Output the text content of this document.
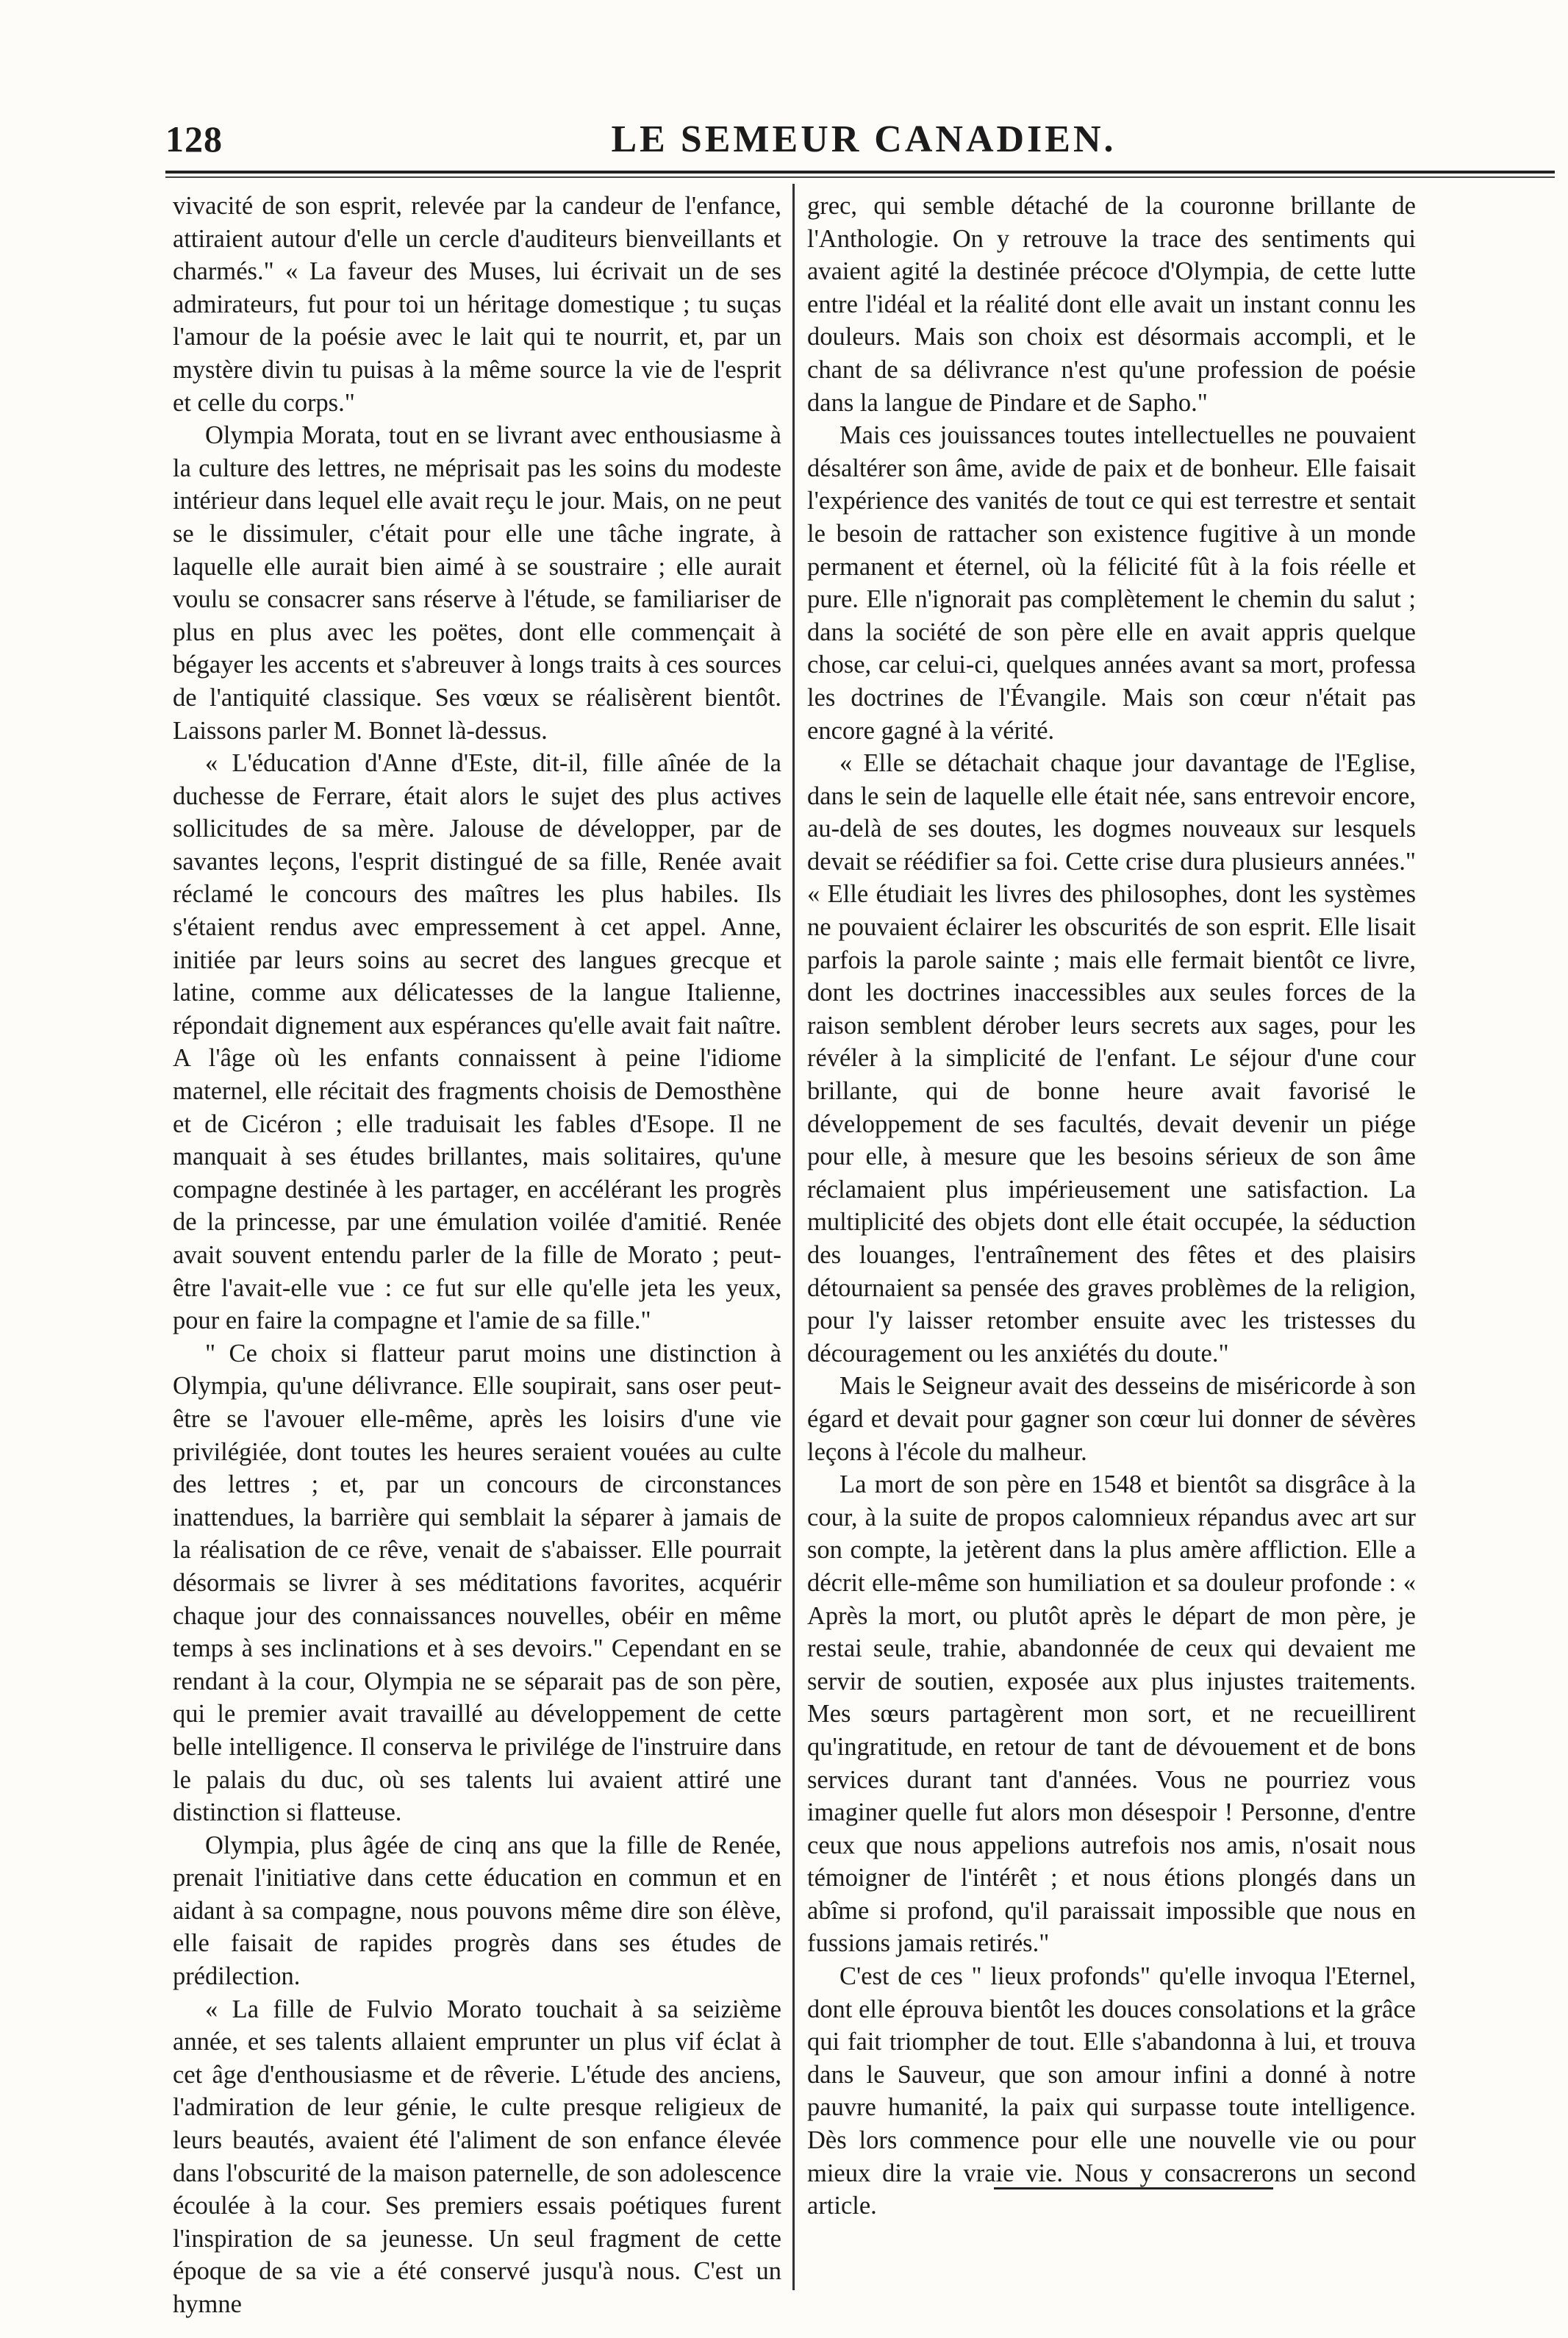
128	LE SEMEUR CANADIEN.

vivacité de son esprit, relevée par la candeur de l'enfance, attiraient autour d'elle un cercle d'auditeurs bienveillants et charmés." « La faveur des Muses, lui écrivait un de ses admirateurs, fut pour toi un héritage domestique ; tu suças l'amour de la poésie avec le lait qui te nourrit, et, par un mystère divin tu puisas à la même source la vie de l'esprit et celle du corps."

Olympia Morata, tout en se livrant avec enthousiasme à la culture des lettres, ne méprisait pas les soins du modeste intérieur dans lequel elle avait reçu le jour. Mais, on ne peut se le dissimuler, c'était pour elle une tâche ingrate, à laquelle elle aurait bien aimé à se soustraire ; elle aurait voulu se consacrer sans réserve à l'étude, se familiariser de plus en plus avec les poëtes, dont elle commençait à bégayer les accents et s'abreuver à longs traits à ces sources de l'antiquité classique. Ses vœux se réalisèrent bientôt. Laissons parler M. Bonnet là-dessus.

« L'éducation d'Anne d'Este, dit-il, fille aînée de la duchesse de Ferrare, était alors le sujet des plus actives sollicitudes de sa mère. Jalouse de développer, par de savantes leçons, l'esprit distingué de sa fille, Renée avait réclamé le concours des maîtres les plus habiles. Ils s'étaient rendus avec empressement à cet appel. Anne, initiée par leurs soins au secret des langues grecque et latine, comme aux délicatesses de la langue Italienne, répondait dignement aux espérances qu'elle avait fait naître. A l'âge où les enfants connaissent à peine l'idiome maternel, elle récitait des fragments choisis de Demosthène et de Cicéron ; elle traduisait les fables d'Esope. Il ne manquait à ses études brillantes, mais solitaires, qu'une compagne destinée à les partager, en accélérant les progrès de la princesse, par une émulation voilée d'amitié. Renée avait souvent entendu parler de la fille de Morato ; peut-être l'avait-elle vue : ce fut sur elle qu'elle jeta les yeux, pour en faire la compagne et l'amie de sa fille."

" Ce choix si flatteur parut moins une distinction à Olympia, qu'une délivrance. Elle soupirait, sans oser peut-être se l'avouer elle-même, après les loisirs d'une vie privilégiée, dont toutes les heures seraient vouées au culte des lettres ; et, par un concours de circonstances inattendues, la barrière qui semblait la séparer à jamais de la réalisation de ce rêve, venait de s'abaisser. Elle pourrait désormais se livrer à ses méditations favorites, acquérir chaque jour des connaissances nouvelles, obéir en même temps à ses inclinations et à ses devoirs." Cependant en se rendant à la cour, Olympia ne se séparait pas de son père, qui le premier avait travaillé au développement de cette belle intelligence. Il conserva le privilége de l'instruire dans le palais du duc, où ses talents lui avaient attiré une distinction si flatteuse.

Olympia, plus âgée de cinq ans que la fille de Renée, prenait l'initiative dans cette éducation en commun et en aidant à sa compagne, nous pouvons même dire son élève, elle faisait de rapides progrès dans ses études de prédilection.

« La fille de Fulvio Morato touchait à sa seizième année, et ses talents allaient emprunter un plus vif éclat à cet âge d'enthousiasme et de rêverie. L'étude des anciens, l'admiration de leur génie, le culte presque religieux de leurs beautés, avaient été l'aliment de son enfance élevée dans l'obscurité de la maison paternelle, de son adolescence écoulée à la cour. Ses premiers essais poétiques furent l'inspiration de sa jeunesse. Un seul fragment de cette époque de sa vie a été conservé jusqu'à nous. C'est un hymne

grec, qui semble détaché de la couronne brillante de l'Anthologie. On y retrouve la trace des sentiments qui avaient agité la destinée précoce d'Olympia, de cette lutte entre l'idéal et la réalité dont elle avait un instant connu les douleurs. Mais son choix est désormais accompli, et le chant de sa délivrance n'est qu'une profession de poésie dans la langue de Pindare et de Sapho."

Mais ces jouissances toutes intellectuelles ne pouvaient désaltérer son âme, avide de paix et de bonheur. Elle faisait l'expérience des vanités de tout ce qui est terrestre et sentait le besoin de rattacher son existence fugitive à un monde permanent et éternel, où la félicité fût à la fois réelle et pure. Elle n'ignorait pas complètement le chemin du salut ; dans la société de son père elle en avait appris quelque chose, car celui-ci, quelques années avant sa mort, professa les doctrines de l'Évangile. Mais son cœur n'était pas encore gagné à la vérité.

« Elle se détachait chaque jour davantage de l'Eglise, dans le sein de laquelle elle était née, sans entrevoir encore, au-delà de ses doutes, les dogmes nouveaux sur lesquels devait se réédifier sa foi. Cette crise dura plusieurs années." « Elle étudiait les livres des philosophes, dont les systèmes ne pouvaient éclairer les obscurités de son esprit. Elle lisait parfois la parole sainte ; mais elle fermait bientôt ce livre, dont les doctrines inaccessibles aux seules forces de la raison semblent dérober leurs secrets aux sages, pour les révéler à la simplicité de l'enfant. Le séjour d'une cour brillante, qui de bonne heure avait favorisé le développement de ses facultés, devait devenir un piége pour elle, à mesure que les besoins sérieux de son âme réclamaient plus impérieusement une satisfaction. La multiplicité des objets dont elle était occupée, la séduction des louanges, l'entraînement des fêtes et des plaisirs détournaient sa pensée des graves problèmes de la religion, pour l'y laisser retomber ensuite avec les tristesses du découragement ou les anxiétés du doute."

Mais le Seigneur avait des desseins de miséricorde à son égard et devait pour gagner son cœur lui donner de sévères leçons à l'école du malheur.

La mort de son père en 1548 et bientôt sa disgrâce à la cour, à la suite de propos calomnieux répandus avec art sur son compte, la jetèrent dans la plus amère affliction. Elle a décrit elle-même son humiliation et sa douleur profonde : « Après la mort, ou plutôt après le départ de mon père, je restai seule, trahie, abandonnée de ceux qui devaient me servir de soutien, exposée aux plus injustes traitements. Mes sœurs partagèrent mon sort, et ne recueillirent qu'ingratitude, en retour de tant de dévouement et de bons services durant tant d'années. Vous ne pourriez vous imaginer quelle fut alors mon désespoir ! Personne, d'entre ceux que nous appelions autrefois nos amis, n'osait nous témoigner de l'intérêt ; et nous étions plongés dans un abîme si profond, qu'il paraissait impossible que nous en fussions jamais retirés."

C'est de ces " lieux profonds" qu'elle invoqua l'Eternel, dont elle éprouva bientôt les douces consolations et la grâce qui fait triompher de tout. Elle s'abandonna à lui, et trouva dans le Sauveur, que son amour infini a donné à notre pauvre humanité, la paix qui surpasse toute intelligence. Dès lors commence pour elle une nouvelle vie ou pour mieux dire la vraie vie. Nous y consacrerons un second article.
